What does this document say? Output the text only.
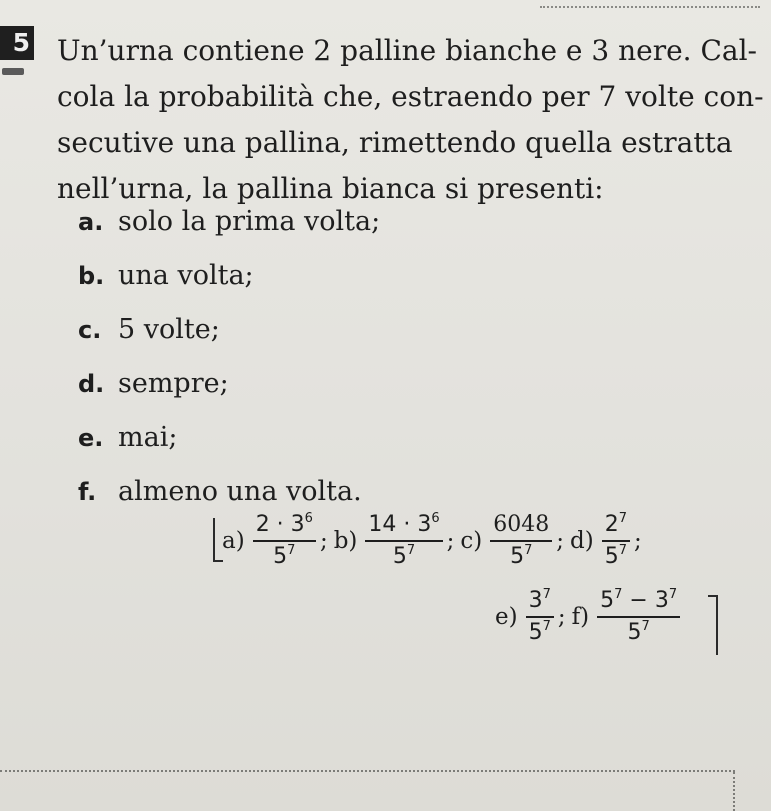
5 Un’urna contiene 2 palline bianche e 3 nere. Cal-
cola la probabilità che, estraendo per 7 volte con-
secutive una pallina, rimettendo quella estratta
nell’urna, la pallina bianca si presenti:

a. solo la prima volta;
b. una volta;
c. 5 volte;
d. sempre;
e. mai;
f. almeno una volta.
$a) \frac{2 \cdot 3^6}{5^7}$ ; $b) \frac{14 \cdot 3^6}{5^7}$ ; $c) \frac{6048}{5^7}$ ; $d) \frac{2^7}{5^7}$ ;
$e) \frac{3^7}{5^7}$ ; $f) \frac{5^7 - 3^7}{5^7}$
